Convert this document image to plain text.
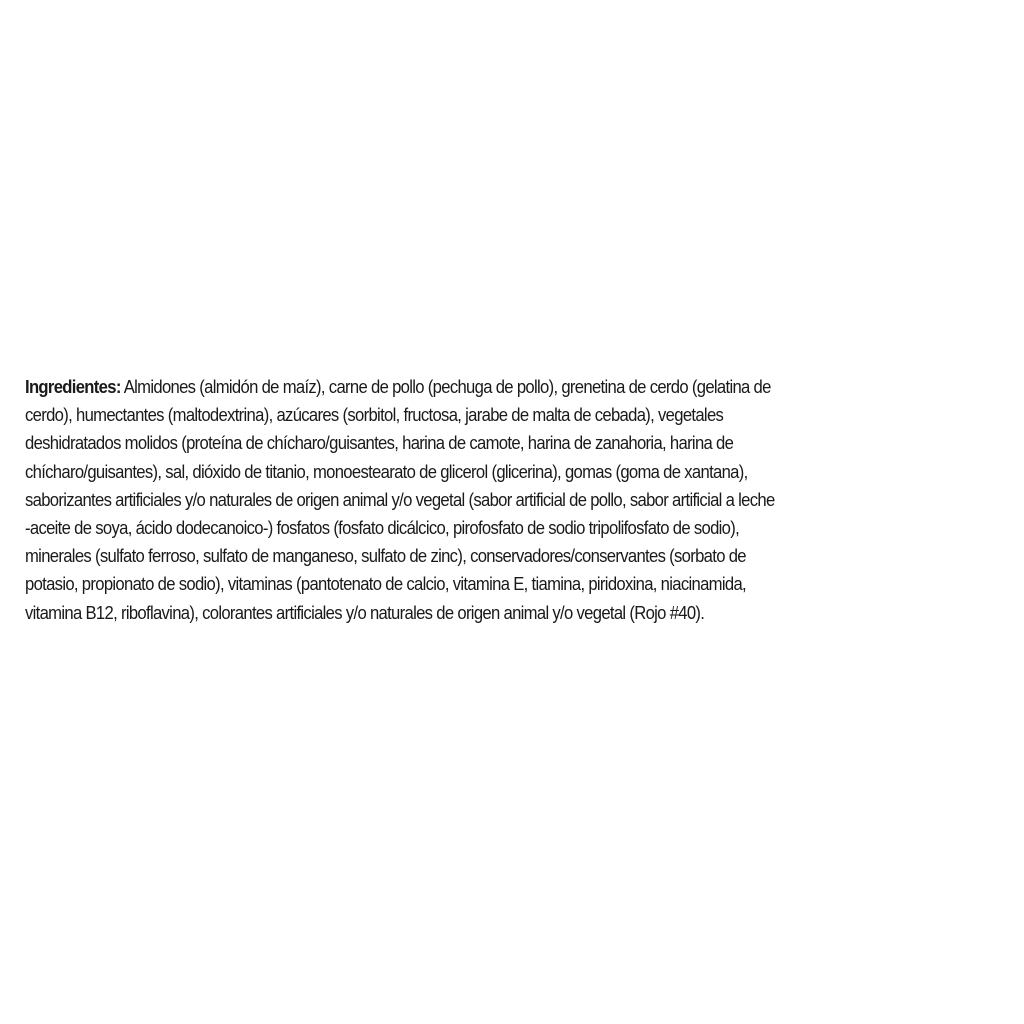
Ingredientes: Almidones (almidón de maíz), carne de pollo (pechuga de pollo), grenetina de cerdo (gelatina de
cerdo), humectantes (maltodextrina), azúcares (sorbitol, fructosa, jarabe de malta de cebada), vegetales
deshidratados molidos (proteína de chícharo/guisantes, harina de camote, harina de zanahoria, harina de
chícharo/guisantes), sal, dióxido de titanio, monoestearato de glicerol (glicerina), gomas (goma de xantana),
saborizantes artificiales y/o naturales de origen animal y/o vegetal (sabor artificial de pollo, sabor artificial a leche
-aceite de soya, ácido dodecanoico-) fosfatos (fosfato dicálcico, pirofosfato de sodio tripolifosfato de sodio),
minerales (sulfato ferroso, sulfato de manganeso, sulfato de zinc), conservadores/conservantes (sorbato de
potasio, propionato de sodio), vitaminas (pantotenato de calcio, vitamina E, tiamina, piridoxina, niacinamida,
vitamina B12, riboflavina), colorantes artificiales y/o naturales de origen animal y/o vegetal (Rojo #40).
